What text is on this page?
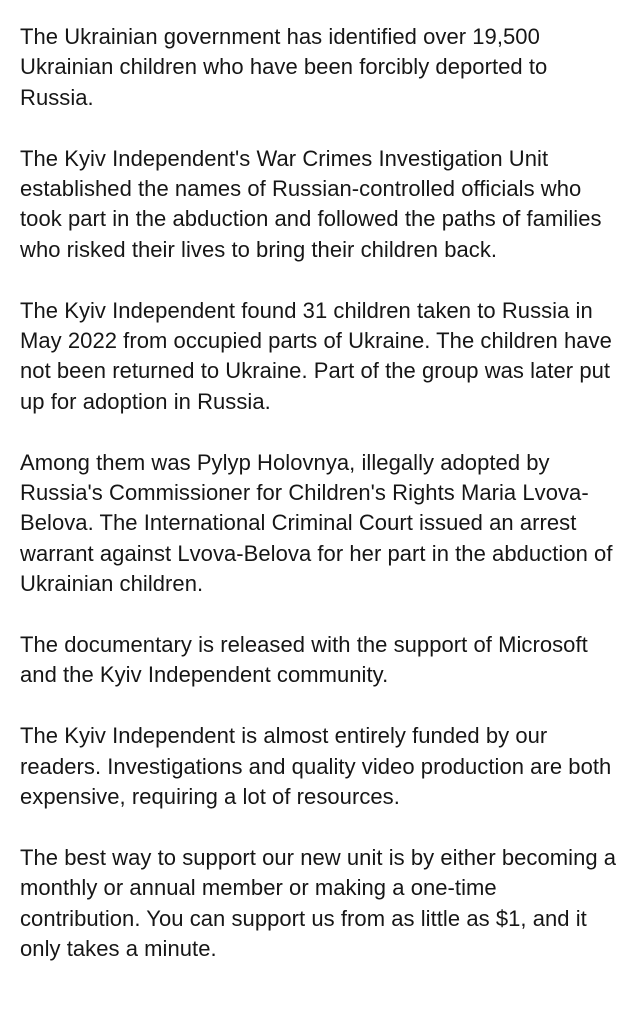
The Ukrainian government has identified over 19,500 Ukrainian children who have been forcibly deported to Russia.

The Kyiv Independent's War Crimes Investigation Unit established the names of Russian-controlled officials who took part in the abduction and followed the paths of families who risked their lives to bring their children back.

The Kyiv Independent found 31 children taken to Russia in May 2022 from occupied parts of Ukraine. The children have not been returned to Ukraine. Part of the group was later put up for adoption in Russia.

Among them was Pylyp Holovnya, illegally adopted by Russia's Commissioner for Children's Rights Maria Lvova-Belova. The International Criminal Court issued an arrest warrant against Lvova-Belova for her part in the abduction of Ukrainian children.

The documentary is released with the support of Microsoft and the Kyiv Independent community.

The Kyiv Independent is almost entirely funded by our readers. Investigations and quality video production are both expensive, requiring a lot of resources.

The best way to support our new unit is by either becoming a monthly or annual member or making a one-time contribution. You can support us from as little as $1, and it only takes a minute.
